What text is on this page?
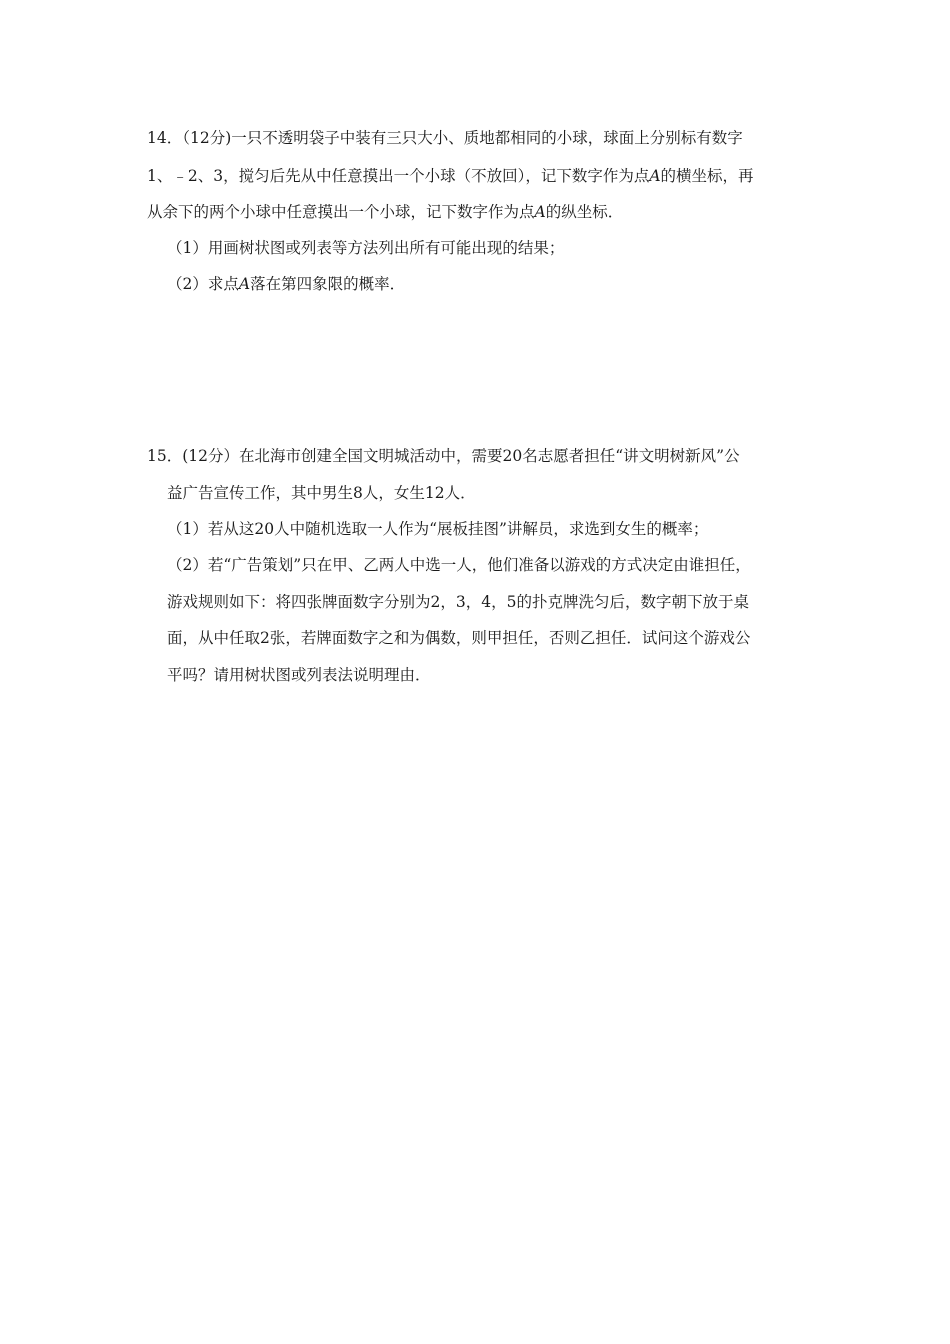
14．（12分)一只不透明袋子中装有三只大小、质地都相同的小球，球面上分别标有数字
1、﹣2、3，搅匀后先从中任意摸出一个小球（不放回），记下数字作为点A的横坐标，再
从余下的两个小球中任意摸出一个小球，记下数字作为点A的纵坐标．
（1）用画树状图或列表等方法列出所有可能出现的结果；
（2）求点A落在第四象限的概率．
15．(12分）在北海市创建全国文明城活动中，需要20名志愿者担任“讲文明树新风”公
益广告宣传工作，其中男生8人，女生12人．
（1）若从这20人中随机选取一人作为“展板挂图”讲解员，求选到女生的概率；
（2）若“广告策划”只在甲、乙两人中选一人，他们准备以游戏的方式决定由谁担任，
游戏规则如下：将四张牌面数字分别为2，3，4，5的扑克牌洗匀后，数字朝下放于桌
面，从中任取2张，若牌面数字之和为偶数，则甲担任，否则乙担任．试问这个游戏公
平吗？请用树状图或列表法说明理由．
